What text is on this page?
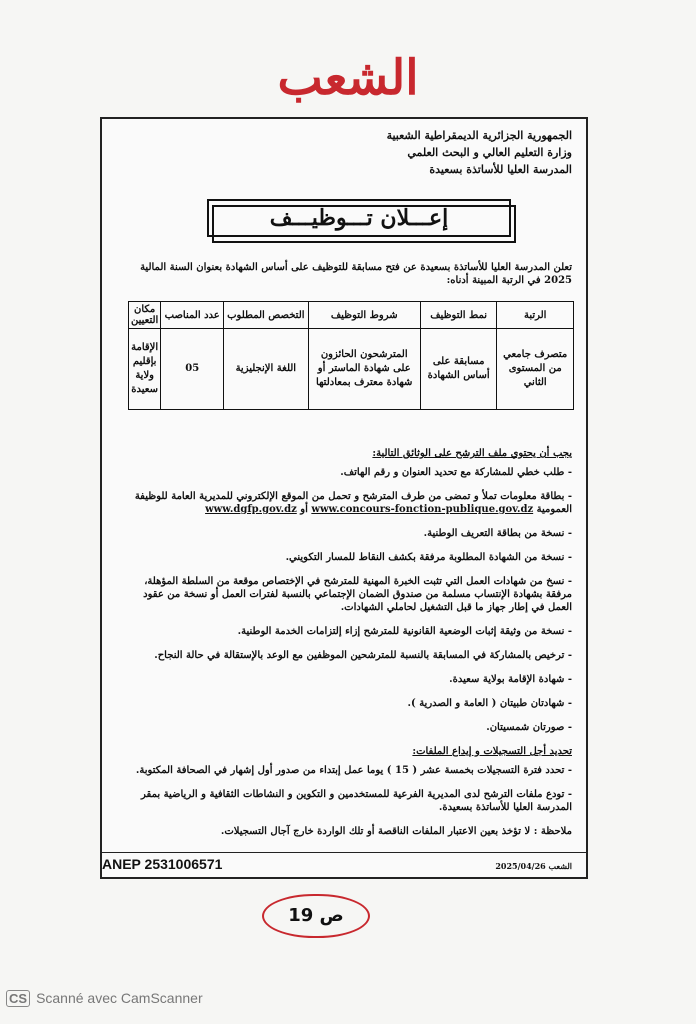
الشعب
الجمهورية الجزائرية الديمقراطية الشعبية
وزارة التعليم العالي و البحث العلمي
المدرسة العليا للأساتذة بسعيدة
إعـــلان تـــوظيـــف
تعلن المدرسة العليا للأساتذة بسعيدة عن فتح مسابقة للتوظيف على أساس الشهادة بعنوان السنة المالية 2025 في الرتبة المبينة أدناه:
الرتبة	نمط التوظيف	شروط التوظيف	التخصص المطلوب	عدد المناصب	مكان التعيين
متصرف جامعي من المستوى الثاني	مسابقة على أساس الشهادة	المترشحون الحائزون على شهادة الماستر أو شهادة معترف بمعادلتها	اللغة الإنجليزية	05	الإقامة بإقليم ولاية سعيدة
يجب أن يحتوي ملف الترشح على الوثائق التالية:
- طلب خطي للمشاركة مع تحديد العنوان و رقم الهاتف.
- بطاقة معلومات تملأ و تمضى من طرف المترشح و تحمل من الموقع الإلكتروني للمديرية العامة للوظيفة العمومية www.concours-fonction-publique.gov.dz أو www.dgfp.gov.dz
- نسخة من بطاقة التعريف الوطنية.
- نسخة من الشهادة المطلوبة مرفقة بكشف النقاط للمسار التكويني.
- نسخ من شهادات العمل التي تثبت الخبرة المهنية للمترشح في الإختصاص موقعة من السلطة المؤهلة، مرفقة بشهادة الإنتساب مسلمة من صندوق الضمان الإجتماعي بالنسبة لفترات العمل أو نسخة من عقود العمل في إطار جهاز ما قبل التشغيل لحاملي الشهادات.
- نسخة من وثيقة إثبات الوضعية القانونية للمترشح إزاء إلتزامات الخدمة الوطنية.
- ترخيص بالمشاركة في المسابقة بالنسبة للمترشحين الموظفين مع الوعد بالإستقالة في حالة النجاح.
- شهادة الإقامة بولاية سعيدة.
- شهادتان طبيتان ( العامة و الصدرية ).
- صورتان شمسيتان.
تحديد أجل التسجيلات و إيداع الملفات:
- تحدد فترة التسجيلات بخمسة عشر ( 15 ) يوما عمل إبتداء من صدور أول إشهار في الصحافة المكتوبة.
- تودع ملفات الترشح لدى المديرية الفرعية للمستخدمين و التكوين و النشاطات الثقافية و الرياضية بمقر المدرسة العليا للأساتذة بسعيدة.
ملاحظة : لا تؤخذ بعين الاعتبار الملفات الناقصة أو تلك الواردة خارج آجال التسجيلات.
ANEP 2531006571	الشعب 2025/04/26
ص 19
CS Scanné avec CamScanner
